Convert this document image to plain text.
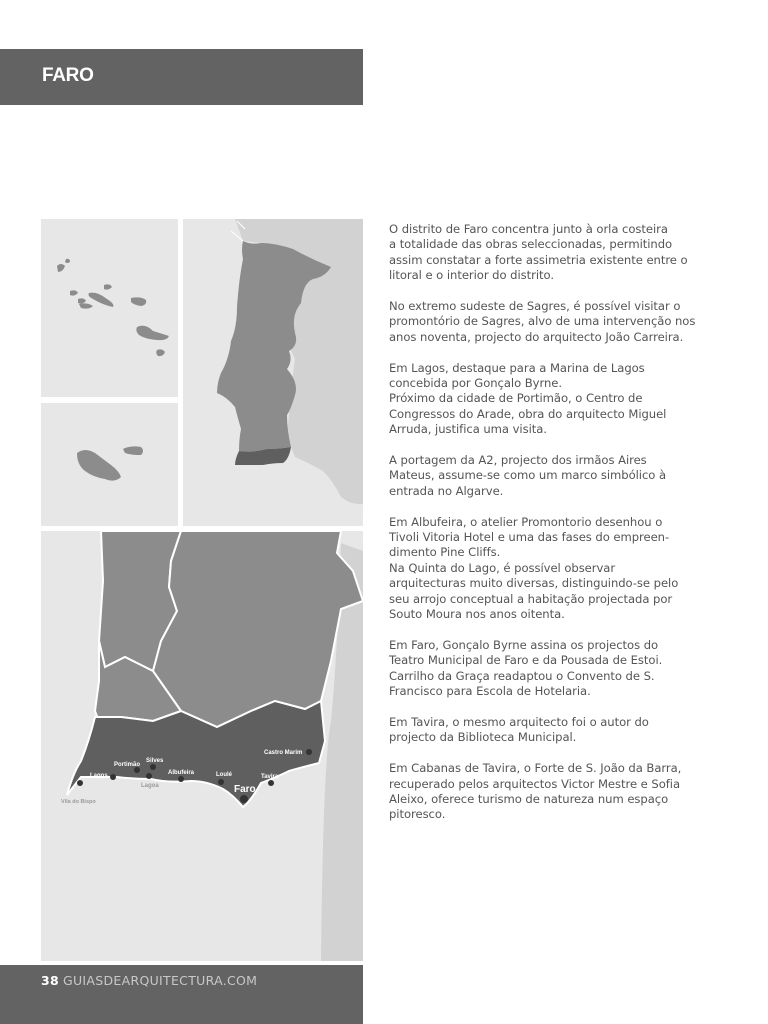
FARO
Castro Marim
Portimão
Silves
Lagos	Albufeira	Loulé	Tavira
Faro
Lagoa
Vila do Bispo

O distrito de Faro concentra junto à orla costeira
a totalidade das obras seleccionadas, permitindo
assim constatar a forte assimetria existente entre o
litoral e o interior do distrito.

No extremo sudeste de Sagres, é possível visitar o
promontório de Sagres, alvo de uma intervenção nos
anos noventa, projecto do arquitecto João Carreira.

Em Lagos, destaque para a Marina de Lagos
concebida por Gonçalo Byrne.
Próximo da cidade de Portimão, o Centro de
Congressos do Arade, obra do arquitecto Miguel
Arruda, justifica uma visita.

A portagem da A2, projecto dos irmãos Aires
Mateus, assume-se como um marco simbólico à
entrada no Algarve.

Em Albufeira, o atelier Promontorio desenhou o
Tivoli Vitoria Hotel e uma das fases do empreen-
dimento Pine Cliffs.
Na Quinta do Lago, é possível observar
arquitecturas muito diversas, distinguindo-se pelo
seu arrojo conceptual a habitação projectada por
Souto Moura nos anos oitenta.

Em Faro, Gonçalo Byrne assina os projectos do
Teatro Municipal de Faro e da Pousada de Estoi.
Carrilho da Graça readaptou o Convento de S.
Francisco para Escola de Hotelaria.

Em Tavira, o mesmo arquitecto foi o autor do
projecto da Biblioteca Municipal.

Em Cabanas de Tavira, o Forte de S. João da Barra,
recuperado pelos arquitectos Victor Mestre e Sofia
Aleixo, oferece turismo de natureza num espaço
pitoresco.

38 GUIASDEARQUITECTURA.COM
